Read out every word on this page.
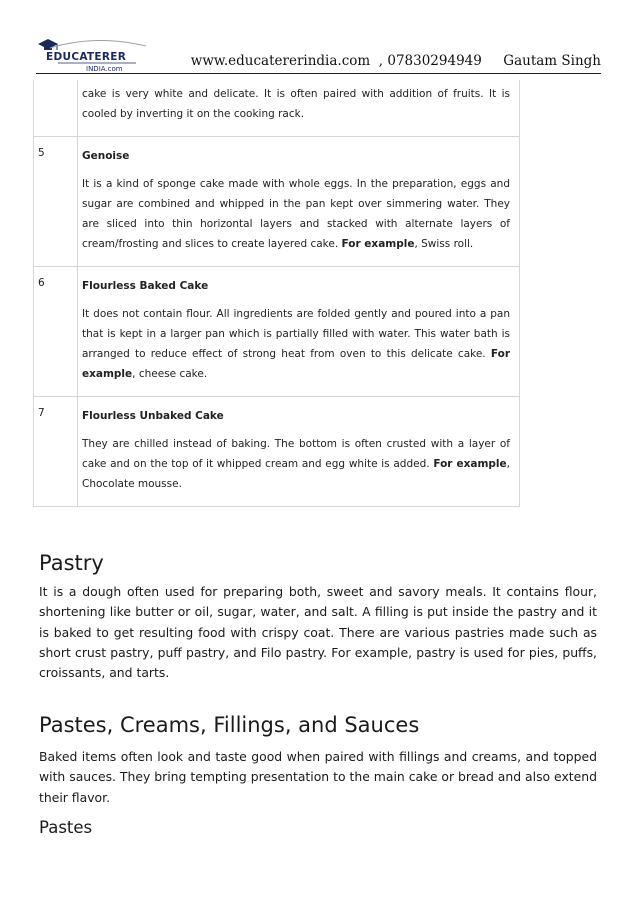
EDUCATERER
INDIA.com	www.educatererindia.com  , 07830294949     Gautam Singh

cake is very white and delicate. It is often paired with addition of fruits. It is cooled by inverting it on the cooking rack.

5	Genoise

It is a kind of sponge cake made with whole eggs. In the preparation, eggs and sugar are combined and whipped in the pan kept over simmering water. They are sliced into thin horizontal layers and stacked with alternate layers of cream/frosting and slices to create layered cake. For example, Swiss roll.

6	Flourless Baked Cake

It does not contain flour. All ingredients are folded gently and poured into a pan that is kept in a larger pan which is partially filled with water. This water bath is arranged to reduce effect of strong heat from oven to this delicate cake. For example, cheese cake.

7	Flourless Unbaked Cake

They are chilled instead of baking. The bottom is often crusted with a layer of cake and on the top of it whipped cream and egg white is added. For example, Chocolate mousse.

Pastry

It is a dough often used for preparing both, sweet and savory meals. It contains flour, shortening like butter or oil, sugar, water, and salt. A filling is put inside the pastry and it is baked to get resulting food with crispy coat. There are various pastries made such as short crust pastry, puff pastry, and Filo pastry. For example, pastry is used for pies, puffs, croissants, and tarts.

Pastes, Creams, Fillings, and Sauces

Baked items often look and taste good when paired with fillings and creams, and topped with sauces. They bring tempting presentation to the main cake or bread and also extend their flavor.

Pastes
